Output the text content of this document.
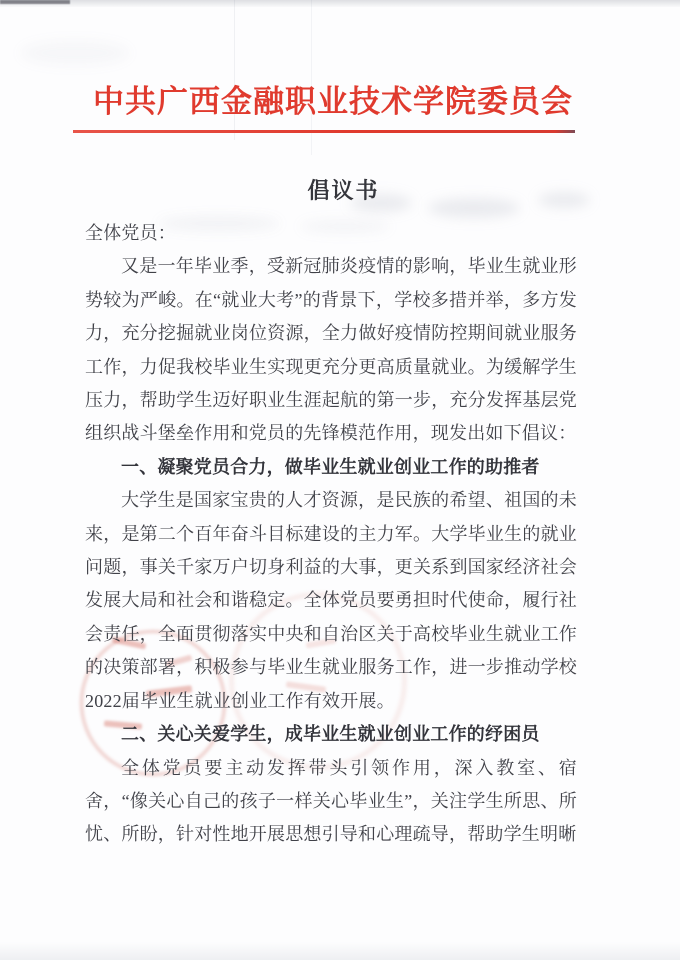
中共广西金融职业技术学院委员会
倡议书

全体党员：

又是一年毕业季，受新冠肺炎疫情的影响，毕业生就业形势较为严峻。在“就业大考”的背景下，学校多措并举，多方发力，充分挖掘就业岗位资源，全力做好疫情防控期间就业服务工作，力促我校毕业生实现更充分更高质量就业。为缓解学生压力，帮助学生迈好职业生涯起航的第一步，充分发挥基层党组织战斗堡垒作用和党员的先锋模范作用，现发出如下倡议：

一、凝聚党员合力，做毕业生就业创业工作的助推者

大学生是国家宝贵的人才资源，是民族的希望、祖国的未来，是第二个百年奋斗目标建设的主力军。大学毕业生的就业问题，事关千家万户切身利益的大事，更关系到国家经济社会发展大局和社会和谐稳定。全体党员要勇担时代使命，履行社会责任，全面贯彻落实中央和自治区关于高校毕业生就业工作的决策部署，积极参与毕业生就业服务工作，进一步推动学校2022届毕业生就业创业工作有效开展。

二、关心关爱学生，成毕业生就业创业工作的纾困员

全体党员要主动发挥带头引领作用，深入教室、宿舍，“像关心自己的孩子一样关心毕业生”，关注学生所思、所忧、所盼，针对性地开展思想引导和心理疏导，帮助学生明晰
